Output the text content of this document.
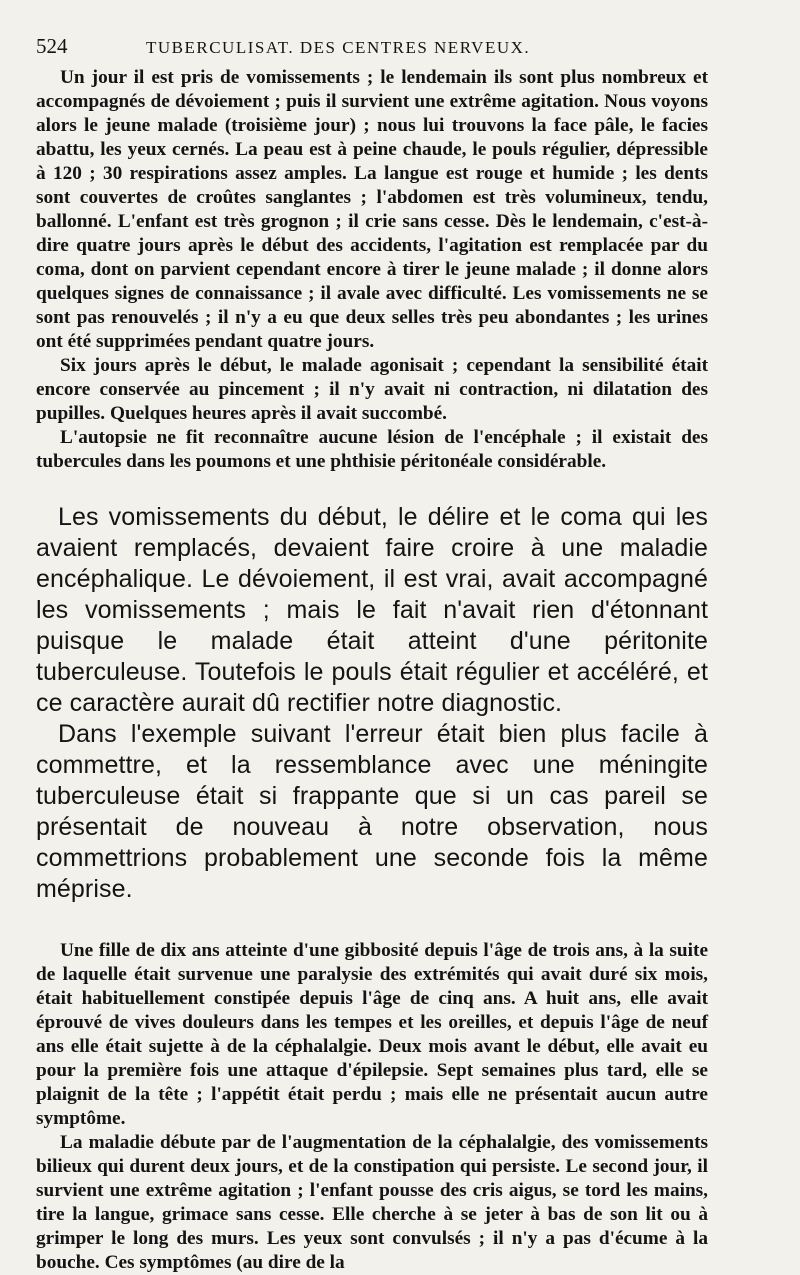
524	TUBERCULISAT. DES CENTRES NERVEUX.

Un jour il est pris de vomissements ; le lendemain ils sont plus nombreux et accompagnés de dévoiement ; puis il survient une extrême agitation. Nous voyons alors le jeune malade (troisième jour) ; nous lui trouvons la face pâle, le facies abattu, les yeux cernés. La peau est à peine chaude, le pouls régulier, dépressible à 120 ; 30 respirations assez amples. La langue est rouge et humide ; les dents sont couvertes de croûtes sanglantes ; l'abdomen est très volumineux, tendu, ballonné. L'enfant est très grognon ; il crie sans cesse. Dès le lendemain, c'est-à-dire quatre jours après le début des accidents, l'agitation est remplacée par du coma, dont on parvient cependant encore à tirer le jeune malade ; il donne alors quelques signes de connaissance ; il avale avec difficulté. Les vomissements ne se sont pas renouvelés ; il n'y a eu que deux selles très peu abondantes ; les urines ont été supprimées pendant quatre jours.

Six jours après le début, le malade agonisait ; cependant la sensibilité était encore conservée au pincement ; il n'y avait ni contraction, ni dilatation des pupilles. Quelques heures après il avait succombé.

L'autopsie ne fit reconnaître aucune lésion de l'encéphale ; il existait des tubercules dans les poumons et une phthisie péritonéale considérable.

Les vomissements du début, le délire et le coma qui les avaient remplacés, devaient faire croire à une maladie encéphalique. Le dévoiement, il est vrai, avait accompagné les vomissements ; mais le fait n'avait rien d'étonnant puisque le malade était atteint d'une péritonite tuberculeuse. Toutefois le pouls était régulier et accéléré, et ce caractère aurait dû rectifier notre diagnostic.

Dans l'exemple suivant l'erreur était bien plus facile à commettre, et la ressemblance avec une méningite tuberculeuse était si frappante que si un cas pareil se présentait de nouveau à notre observation, nous commettrions probablement une seconde fois la même méprise.

Une fille de dix ans atteinte d'une gibbosité depuis l'âge de trois ans, à la suite de laquelle était survenue une paralysie des extrémités qui avait duré six mois, était habituellement constipée depuis l'âge de cinq ans. A huit ans, elle avait éprouvé de vives douleurs dans les tempes et les oreilles, et depuis l'âge de neuf ans elle était sujette à de la céphalalgie. Deux mois avant le début, elle avait eu pour la première fois une attaque d'épilepsie. Sept semaines plus tard, elle se plaignit de la tête ; l'appétit était perdu ; mais elle ne présentait aucun autre symptôme.

La maladie débute par de l'augmentation de la céphalalgie, des vomissements bilieux qui durent deux jours, et de la constipation qui persiste. Le second jour, il survient une extrême agitation ; l'enfant pousse des cris aigus, se tord les mains, tire la langue, grimace sans cesse. Elle cherche à se jeter à bas de son lit ou à grimper le long des murs. Les yeux sont convulsés ; il n'y a pas d'écume à la bouche. Ces symptômes (au dire de la
